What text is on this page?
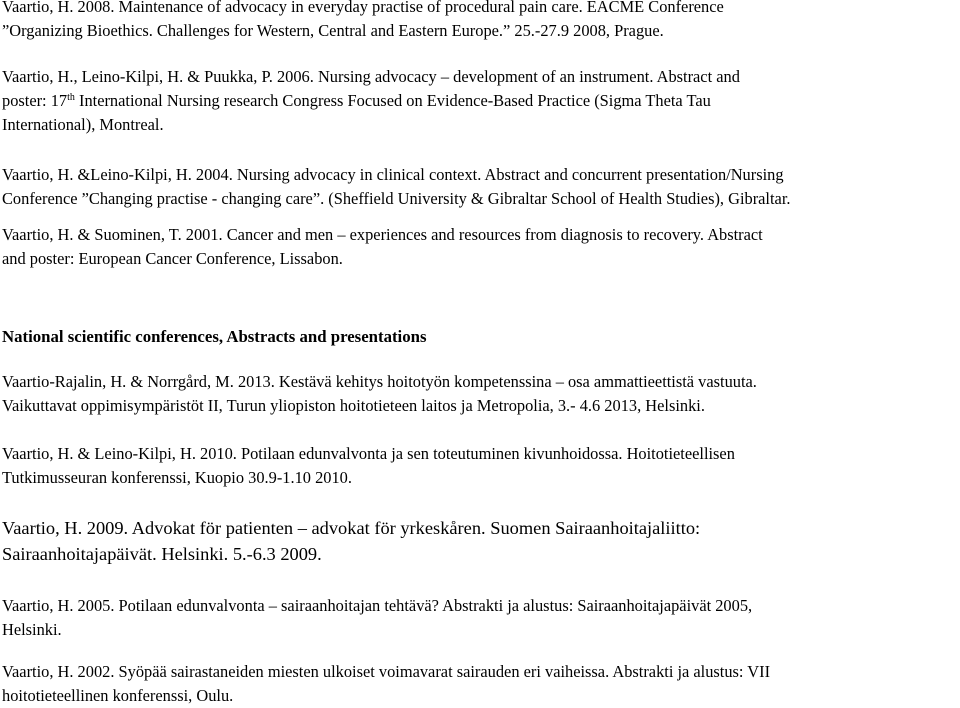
Vaartio, H. 2008. Maintenance of advocacy in everyday practise of procedural pain care. EACME Conference
”Organizing Bioethics. Challenges for Western, Central and Eastern Europe.” 25.-27.9 2008, Prague.
Vaartio, H., Leino-Kilpi, H. & Puukka, P. 2006. Nursing advocacy – development of an instrument. Abstract and
poster: 17th International Nursing research Congress Focused on Evidence-Based Practice (Sigma Theta Tau
International), Montreal.
Vaartio, H. &Leino-Kilpi, H. 2004. Nursing advocacy in clinical context. Abstract and concurrent presentation/Nursing
Conference ”Changing practise - changing care”. (Sheffield University & Gibraltar School of Health Studies), Gibraltar.
Vaartio, H. & Suominen, T. 2001. Cancer and men – experiences and resources from diagnosis to recovery. Abstract
and poster: European Cancer Conference, Lissabon.
National scientific conferences, Abstracts and presentations
Vaartio-Rajalin, H. & Norrgård, M. 2013. Kestävä kehitys hoitotyön kompetenssina – osa ammattieettistä vastuuta.
Vaikuttavat oppimisympäristöt II, Turun yliopiston hoitotieteen laitos ja Metropolia, 3.- 4.6 2013, Helsinki.
Vaartio, H. & Leino-Kilpi, H. 2010. Potilaan edunvalvonta ja sen toteutuminen kivunhoidossa. Hoitotieteellisen
Tutkimusseuran konferenssi, Kuopio 30.9-1.10 2010.
Vaartio, H. 2009. Advokat för patienten – advokat för yrkeskåren. Suomen Sairaanhoitajaliitto:
Sairaanhoitajapäivät. Helsinki. 5.-6.3 2009.
Vaartio, H. 2005. Potilaan edunvalvonta – sairaanhoitajan tehtävä? Abstrakti ja alustus: Sairaanhoitajapäivät 2005,
Helsinki.
Vaartio, H. 2002. Syöpää sairastaneiden miesten ulkoiset voimavarat sairauden eri vaiheissa. Abstrakti ja alustus: VII
hoitotieteellinen konferenssi, Oulu.
